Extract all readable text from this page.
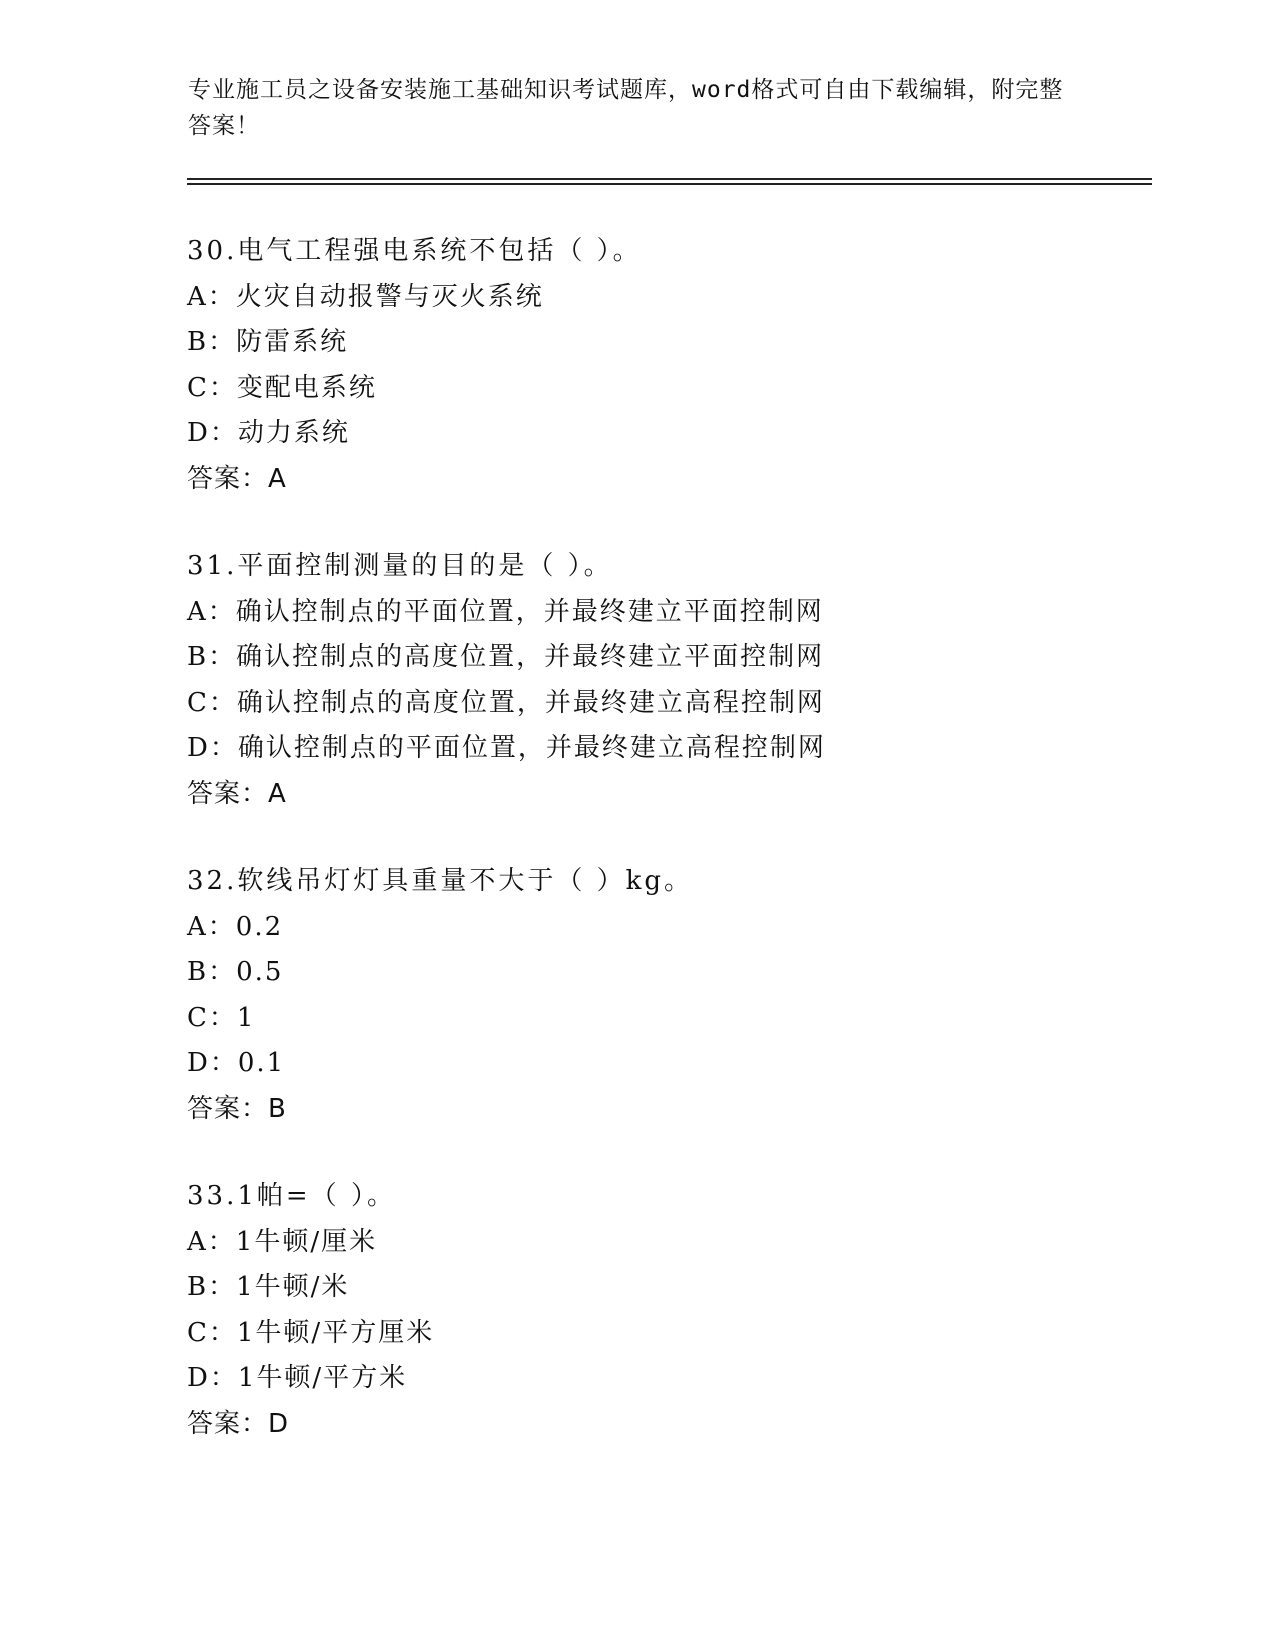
专业施工员之设备安装施工基础知识考试题库，word格式可自由下载编辑，附完整答案！
30.电气工程强电系统不包括（ ）。
A：火灾自动报警与灭火系统
B：防雷系统
C：变配电系统
D：动力系统
答案：A
31.平面控制测量的目的是（ ）。
A：确认控制点的平面位置，并最终建立平面控制网
B：确认控制点的高度位置，并最终建立平面控制网
C：确认控制点的高度位置，并最终建立高程控制网
D：确认控制点的平面位置，并最终建立高程控制网
答案：A
32.软线吊灯灯具重量不大于（ ）kg。
A：0.2
B：0.5
C：1
D：0.1
答案：B
33.1帕=（ ）。
A：1牛顿/厘米
B：1牛顿/米
C：1牛顿/平方厘米
D：1牛顿/平方米
答案：D
